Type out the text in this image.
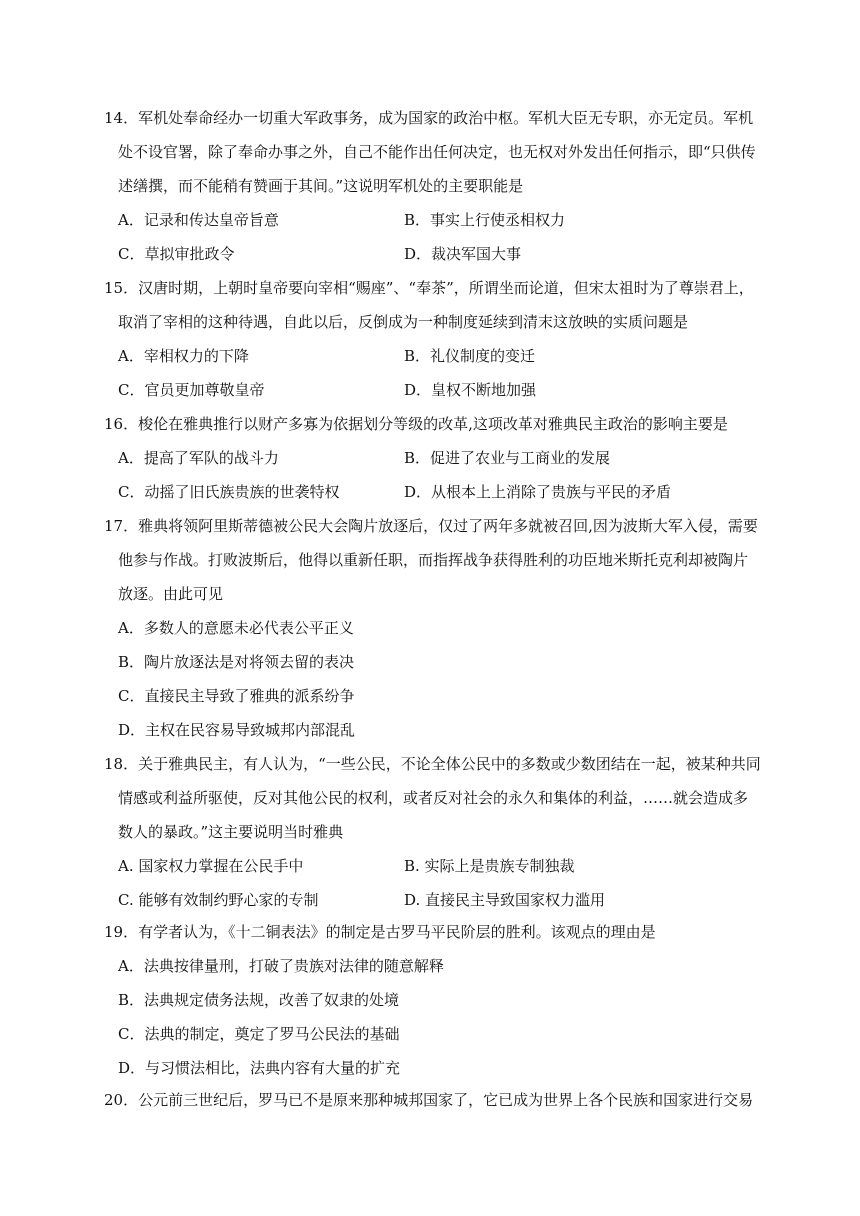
14．军机处奉命经办一切重大军政事务，成为国家的政治中枢。军机大臣无专职，亦无定员。军机
处不设官署，除了奉命办事之外，自己不能作出任何决定，也无权对外发出任何指示，即“只供传
述缮撰，而不能稍有赞画于其间。”这说明军机处的主要职能是

A．记录和传达皇帝旨意	B．事实上行使丞相权力
C．草拟审批政令	D．裁决军国大事

15．汉唐时期，上朝时皇帝要向宰相“赐座”、“奉茶”，所谓坐而论道，但宋太祖时为了尊崇君上，
取消了宰相的这种待遇，自此以后，反倒成为一种制度延续到清末这放映的实质问题是

A．宰相权力的下降	B．礼仪制度的变迁
C．官员更加尊敬皇帝	D．皇权不断地加强

16．梭伦在雅典推行以财产多寡为依据划分等级的改革,这项改革对雅典民主政治的影响主要是

A．提高了军队的战斗力	B．促进了农业与工商业的发展
C．动摇了旧氏族贵族的世袭特权	D．从根本上上消除了贵族与平民的矛盾

17．雅典将领阿里斯蒂德被公民大会陶片放逐后，仅过了两年多就被召回,因为波斯大军入侵，需要
他参与作战。打败波斯后，他得以重新任职，而指挥战争获得胜利的功臣地米斯托克利却被陶片
放逐。由此可见

A．多数人的意愿未必代表公平正义
B．陶片放逐法是对将领去留的表决
C．直接民主导致了雅典的派系纷争
D．主权在民容易导致城邦内部混乱

18．关于雅典民主，有人认为，“一些公民，不论全体公民中的多数或少数团结在一起，被某种共同
情感或利益所驱使，反对其他公民的权利，或者反对社会的永久和集体的利益，……就会造成多
数人的暴政。”这主要说明当时雅典

A. 国家权力掌握在公民手中	B. 实际上是贵族专制独裁
C. 能够有效制约野心家的专制	D. 直接民主导致国家权力滥用

19．有学者认为，《十二铜表法》的制定是古罗马平民阶层的胜利。该观点的理由是

A．法典按律量刑，打破了贵族对法律的随意解释
B．法典规定债务法规，改善了奴隶的处境
C．法典的制定，奠定了罗马公民法的基础
D．与习惯法相比，法典内容有大量的扩充

20．公元前三世纪后，罗马已不是原来那种城邦国家了，它已成为世界上各个民族和国家进行交易
